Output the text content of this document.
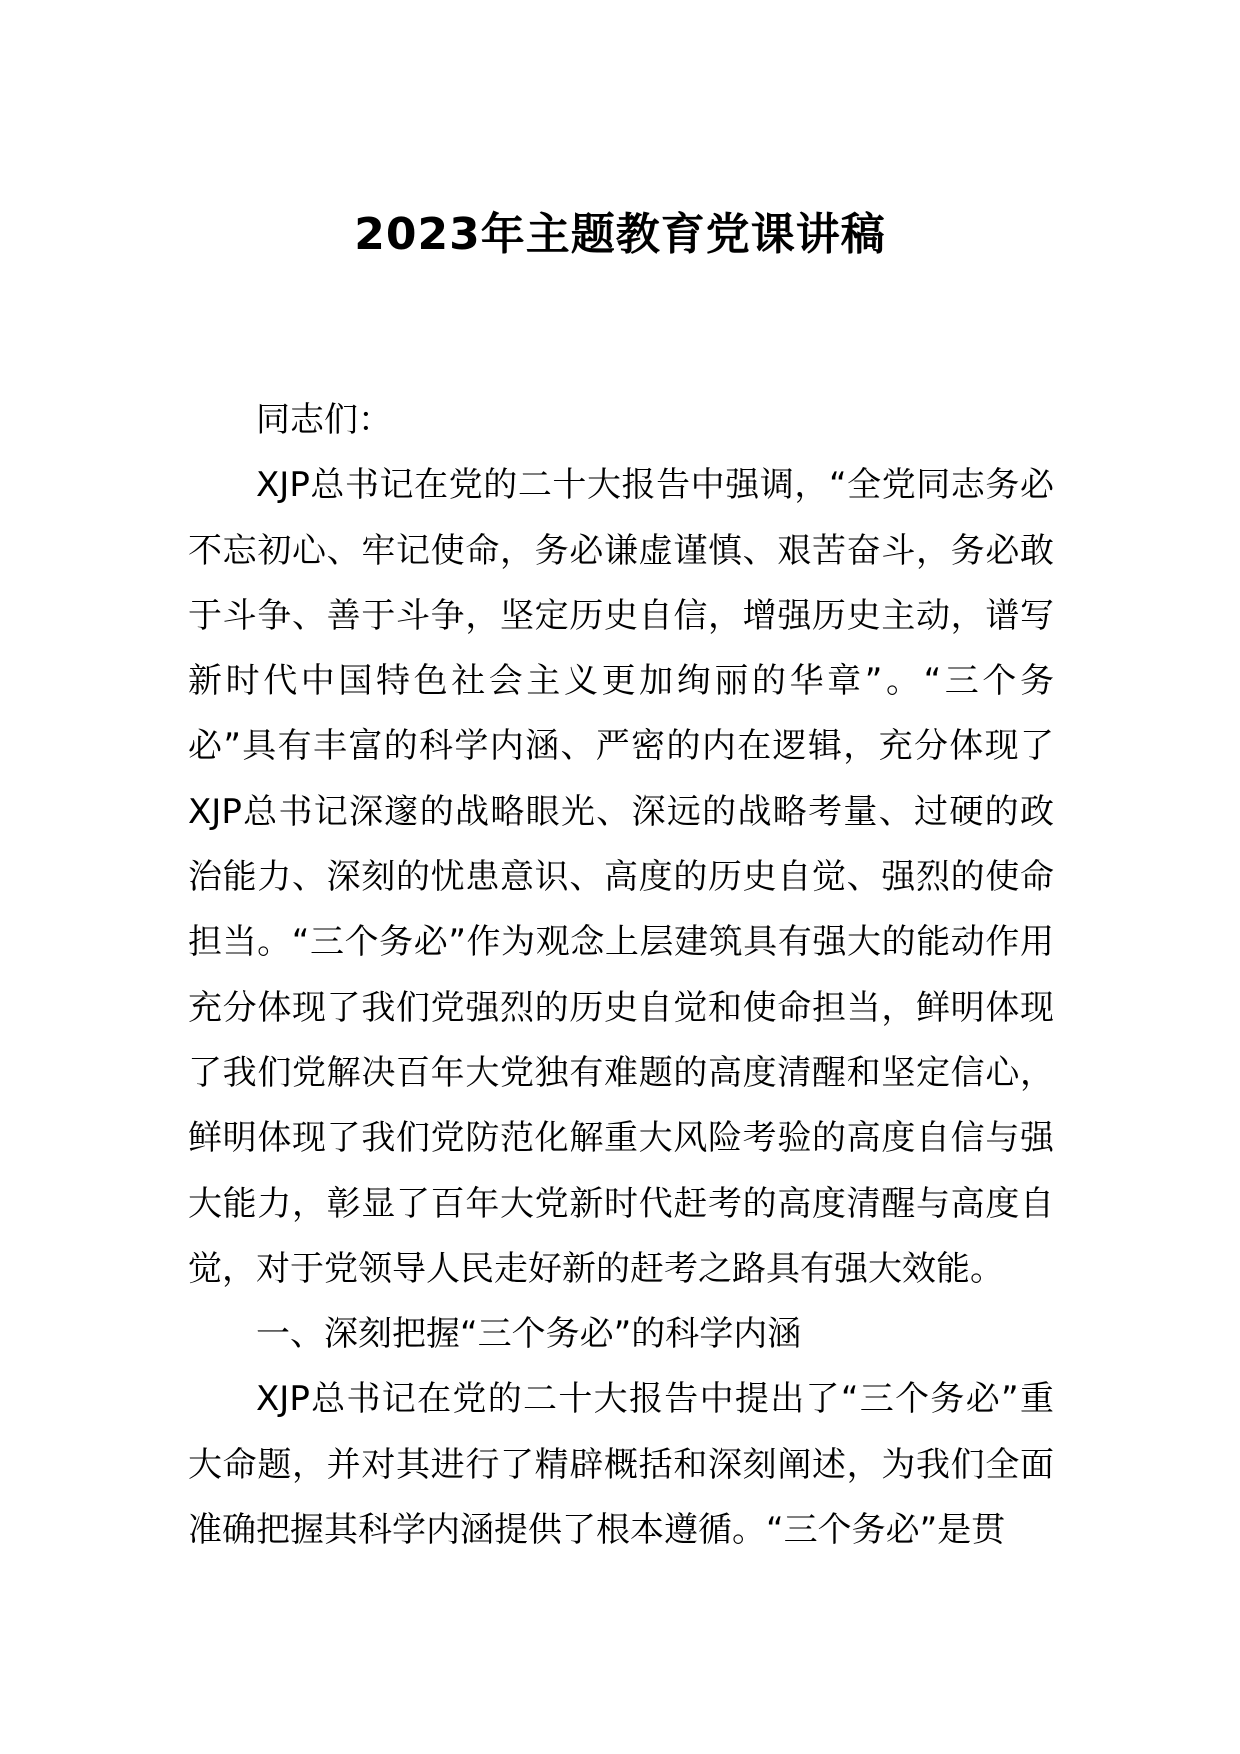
2023年主题教育党课讲稿

同志们：

XJP总书记在党的二十大报告中强调，“全党同志务必不忘初心、牢记使命，务必谦虚谨慎、艰苦奋斗，务必敢于斗争、善于斗争，坚定历史自信，增强历史主动，谱写新时代中国特色社会主义更加绚丽的华章”。“三个务必”具有丰富的科学内涵、严密的内在逻辑，充分体现了XJP总书记深邃的战略眼光、深远的战略考量、过硬的政治能力、深刻的忧患意识、高度的历史自觉、强烈的使命担当。“三个务必”作为观念上层建筑具有强大的能动作用充分体现了我们党强烈的历史自觉和使命担当，鲜明体现了我们党解决百年大党独有难题的高度清醒和坚定信心，鲜明体现了我们党防范化解重大风险考验的高度自信与强大能力，彰显了百年大党新时代赶考的高度清醒与高度自觉，对于党领导人民走好新的赶考之路具有强大效能。

一、深刻把握“三个务必”的科学内涵

XJP总书记在党的二十大报告中提出了“三个务必”重大命题，并对其进行了精辟概括和深刻阐述，为我们全面准确把握其科学内涵提供了根本遵循。“三个务必”是贯
